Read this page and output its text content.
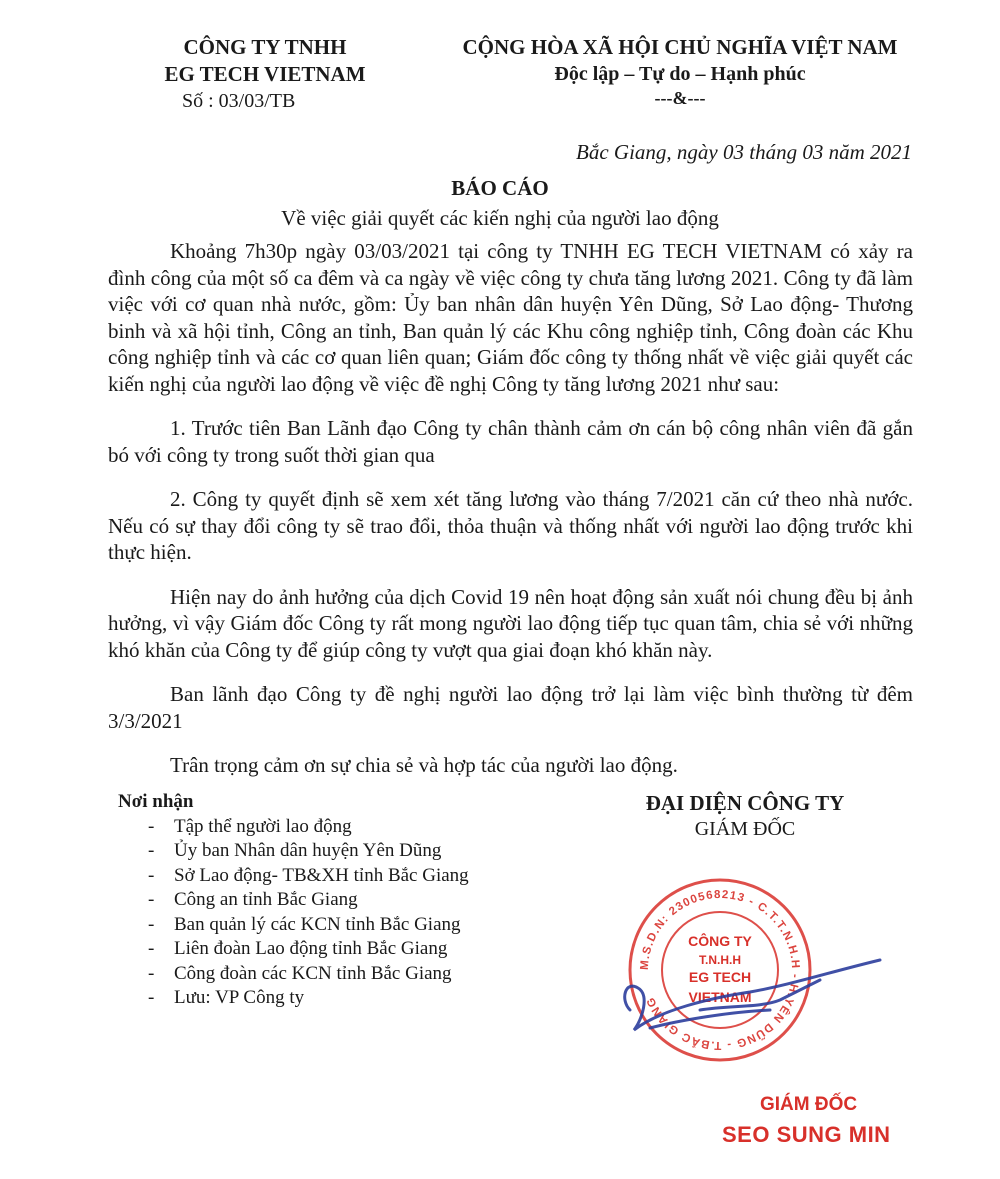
CÔNG TY TNHH
EG TECH VIETNAM
Số : 03/03/TB
CỘNG HÒA XÃ HỘI CHỦ NGHĨA VIỆT NAM
Độc lập – Tự do – Hạnh phúc
---&---
Bắc Giang, ngày 03 tháng 03 năm 2021
BÁO CÁO
Về việc giải quyết các kiến nghị của người lao động

Khoảng 7h30p ngày 03/03/2021 tại công ty TNHH EG TECH VIETNAM có xảy ra đình công của một số ca đêm và ca ngày về việc công ty chưa tăng lương 2021. Công ty đã làm việc với cơ quan nhà nước, gồm: Ủy ban nhân dân huyện Yên Dũng, Sở Lao động- Thương binh và xã hội tỉnh, Công an tỉnh, Ban quản lý các Khu công nghiệp tỉnh, Công đoàn các Khu công nghiệp tỉnh và các cơ quan liên quan; Giám đốc công ty thống nhất về việc giải quyết các kiến nghị của người lao động về việc đề nghị Công ty tăng lương 2021 như sau:

1. Trước tiên Ban Lãnh đạo Công ty chân thành cảm ơn cán bộ công nhân viên đã gắn bó với công ty trong suốt thời gian qua

2. Công ty quyết định sẽ xem xét tăng lương vào tháng 7/2021 căn cứ theo nhà nước. Nếu có sự thay đổi công ty sẽ trao đổi, thỏa thuận và thống nhất với người lao động trước khi thực hiện.

Hiện nay do ảnh hưởng của dịch Covid 19 nên hoạt động sản xuất nói chung đều bị ảnh hưởng, vì vậy Giám đốc Công ty rất mong người lao động tiếp tục quan tâm, chia sẻ với những khó khăn của Công ty để giúp công ty vượt qua giai đoạn khó khăn này.

Ban lãnh đạo Công ty đề nghị người lao động trở lại làm việc bình thường từ đêm 3/3/2021

Trân trọng cảm ơn sự chia sẻ và hợp tác của người lao động.

Nơi nhận
- Tập thể người lao động
- Ủy ban Nhân dân huyện Yên Dũng
- Sở Lao động- TB&XH tỉnh Bắc Giang
- Công an tỉnh Bắc Giang
- Ban quản lý các KCN tỉnh Bắc Giang
- Liên đoàn Lao động tỉnh Bắc Giang
- Công đoàn các KCN tỉnh Bắc Giang
- Lưu: VP Công ty
ĐẠI DIỆN CÔNG TY
GIÁM ĐỐC
M.S.D.N: 2300568213 - C.T.T.N.H.H - H.YÊN DŨNG - T.BẮC GIANG
CÔNG TY
T.N.H.H
EG TECH
VIETNAM
GIÁM ĐỐC
SEO SUNG MIN
